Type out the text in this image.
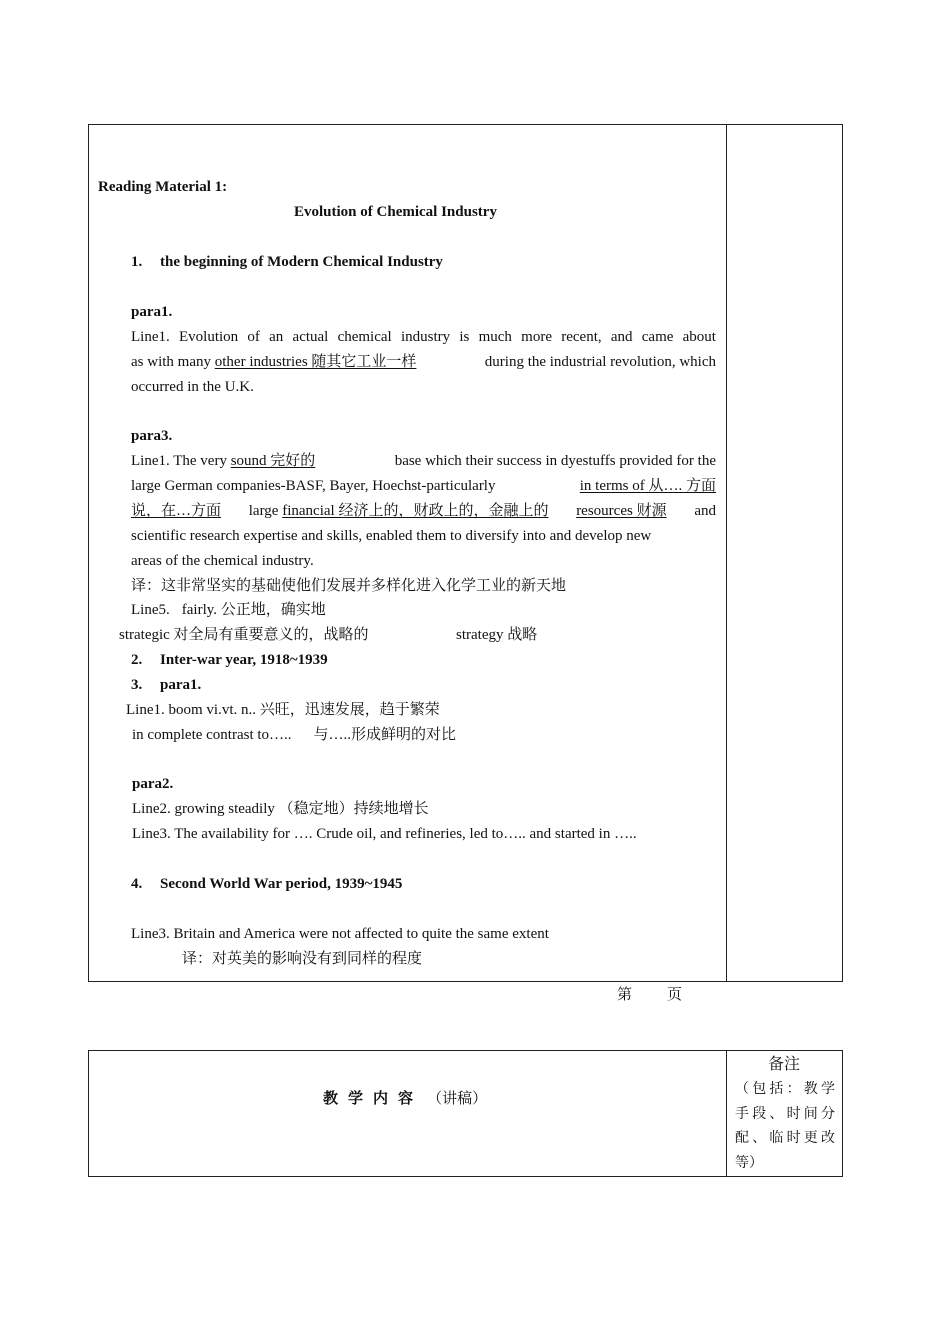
Reading Material 1:
Evolution of Chemical Industry
1. the beginning of Modern Chemical Industry
para1.
Line1. Evolution of an actual chemical industry is much more recent, and came about
as with many other industries 随其它工业一样	during the industrial revolution, which
occurred in the U.K.
para3.
Line1. The very sound 完好的	base which their success in dyestuffs provided for the
large German companies-BASF, Bayer, Hoechst-particularly	in terms of 从…. 方面
说，在…方面 large financial 经济上的，财政上的，金融上的 resources 财源 and
scientific research expertise and skills, enabled them to diversify into and develop new
areas of the chemical industry.
译：这非常坚实的基础使他们发展并多样化进入化学工业的新天地
Line5. fairly. 公正地，确实地
strategic 对全局有重要意义的，战略的	strategy 战略
2. Inter-war year, 1918~1939
3. para1.
Line1. boom vi.vt. n.. 兴旺，迅速发展，趋于繁荣
in complete contrast to….. 与…..形成鲜明的对比
para2.
Line2. growing steadily （稳定地）持续地增长
Line3. The availability for …. Crude oil, and refineries, led to….. and started in …..
4. Second World War period, 1939~1945
Line3. Britain and America were not affected to quite the same extent
译：对英美的影响没有到同样的程度
第 页
教 学 内 容 （讲稿）
备注
（ 包 括 ： 教 学
手 段 、 时 间 分
配 、 临 时 更 改
等）
